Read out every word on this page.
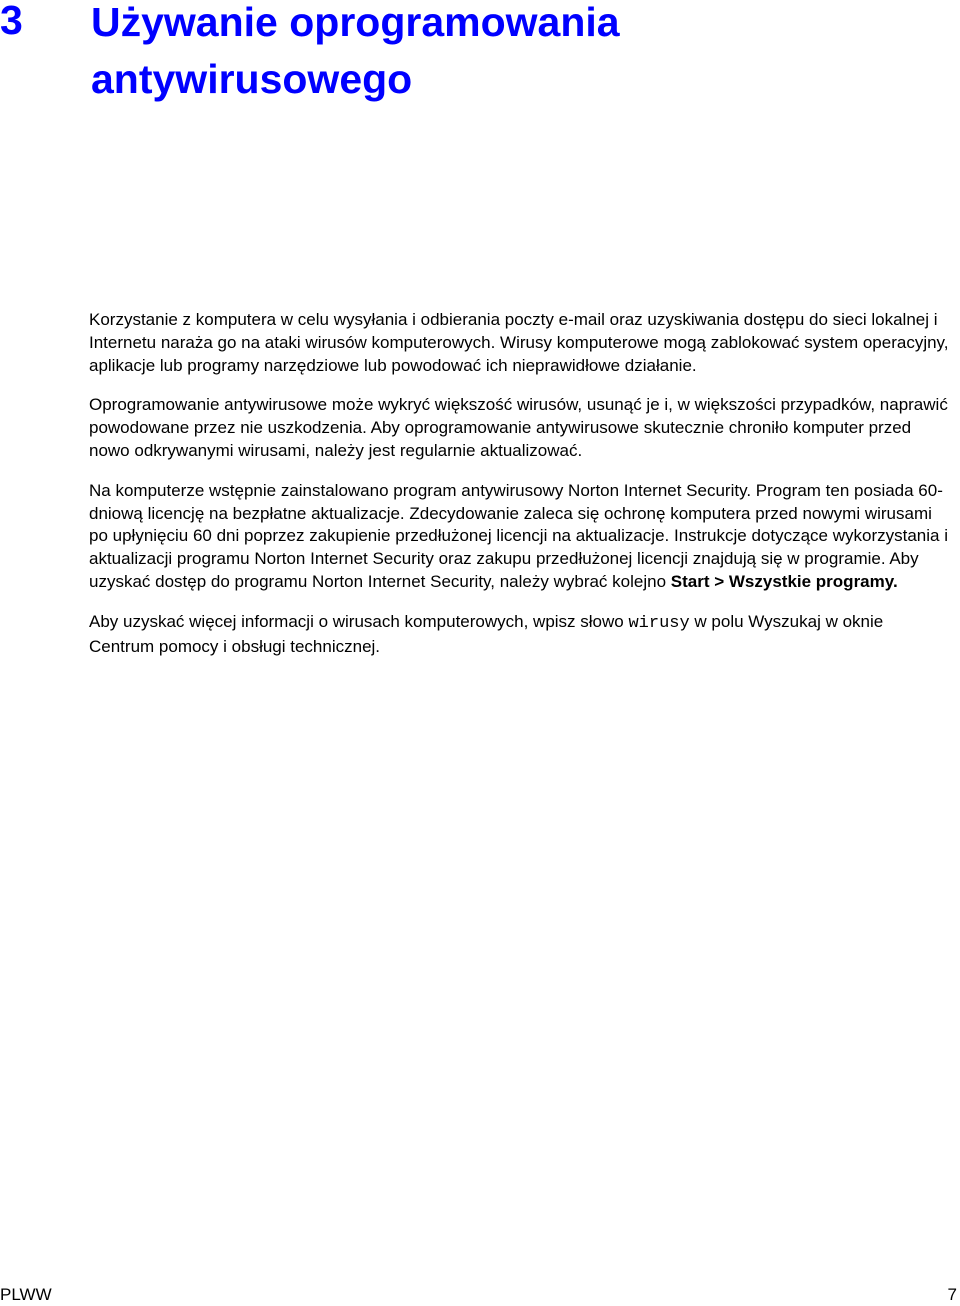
3 Używanie oprogramowania antywirusowego

Korzystanie z komputera w celu wysyłania i odbierania poczty e-mail oraz uzyskiwania dostępu do sieci lokalnej i Internetu naraża go na ataki wirusów komputerowych. Wirusy komputerowe mogą zablokować system operacyjny, aplikacje lub programy narzędziowe lub powodować ich nieprawidłowe działanie.

Oprogramowanie antywirusowe może wykryć większość wirusów, usunąć je i, w większości przypadków, naprawić powodowane przez nie uszkodzenia. Aby oprogramowanie antywirusowe skutecznie chroniło komputer przed nowo odkrywanymi wirusami, należy jest regularnie aktualizować.

Na komputerze wstępnie zainstalowano program antywirusowy Norton Internet Security. Program ten posiada 60-dniową licencję na bezpłatne aktualizacje. Zdecydowanie zaleca się ochronę komputera przed nowymi wirusami po upłynięciu 60 dni poprzez zakupienie przedłużonej licencji na aktualizacje. Instrukcje dotyczące wykorzystania i aktualizacji programu Norton Internet Security oraz zakupu przedłużonej licencji znajdują się w programie. Aby uzyskać dostęp do programu Norton Internet Security, należy wybrać kolejno Start > Wszystkie programy.

Aby uzyskać więcej informacji o wirusach komputerowych, wpisz słowo wirusy w polu Wyszukaj w oknie Centrum pomocy i obsługi technicznej.

PLWW	7
